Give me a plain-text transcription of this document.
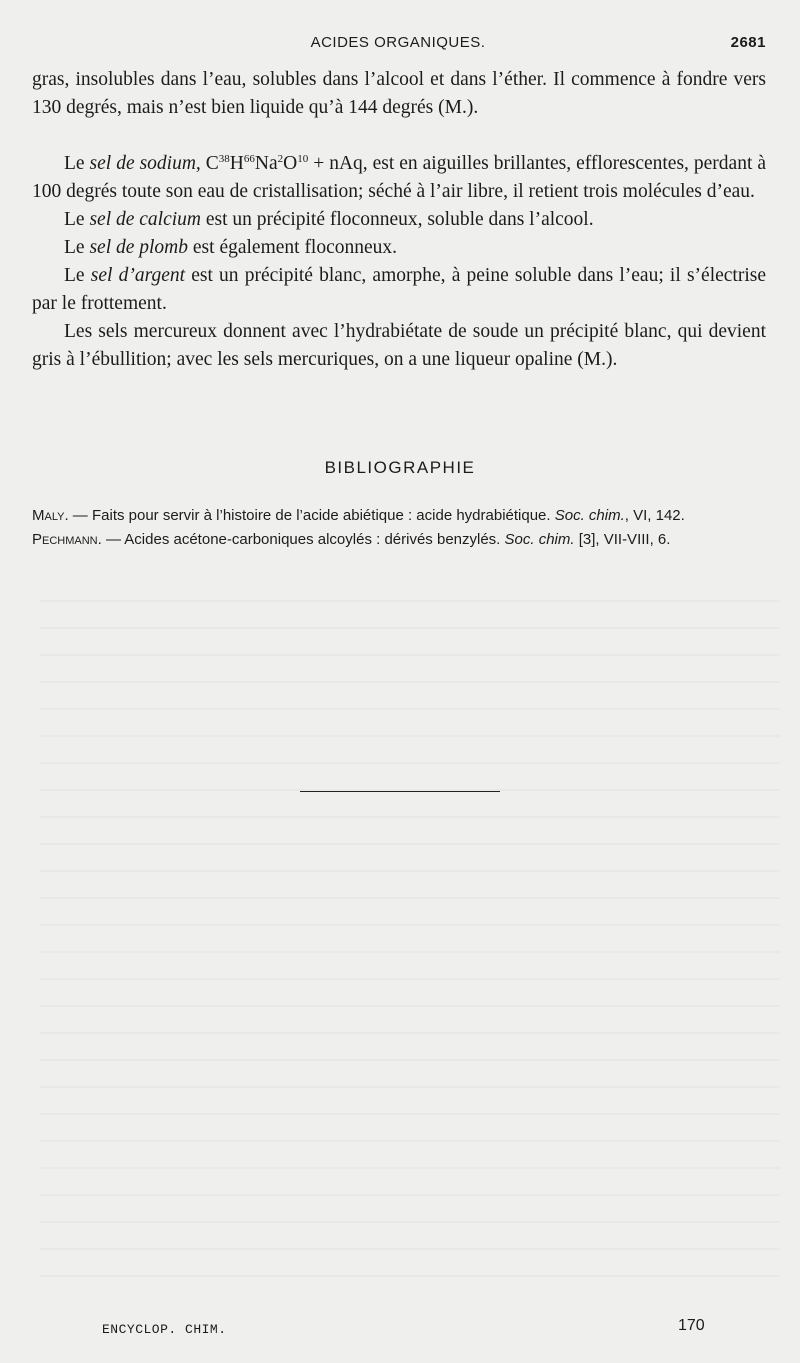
ACIDES ORGANIQUES.	2681

gras, insolubles dans l’eau, solubles dans l’alcool et dans l’éther. Il commence à fondre vers 130 degrés, mais n’est bien liquide qu’à 144 degrés (M.).

Le sel de sodium, $C^{38}H^{66}Na^2O^{10}$ + nAq, est en aiguilles brillantes, efflorescentes, perdant à 100 degrés toute son eau de cristallisation; séché à l’air libre, il retient trois molécules d’eau.

Le sel de calcium est un précipité floconneux, soluble dans l’alcool.

Le sel de plomb est également floconneux.

Le sel d’argent est un précipité blanc, amorphe, à peine soluble dans l’eau; il s’électrise par le frottement.

Les sels mercureux donnent avec l’hydrabiétate de soude un précipité blanc, qui devient gris à l’ébullition; avec les sels mercuriques, on a une liqueur opaline (M.).

BIBLIOGRAPHIE

Maly. — Faits pour servir à l’histoire de l’acide abiétique : acide hydrabiétique. Soc. chim., VI, 142.

Pechmann. — Acides acétone-carboniques alcoylés : dérivés benzylés. Soc. chim. [3], VII-VIII, 6.

ENCYCLOP. CHIM.	170
